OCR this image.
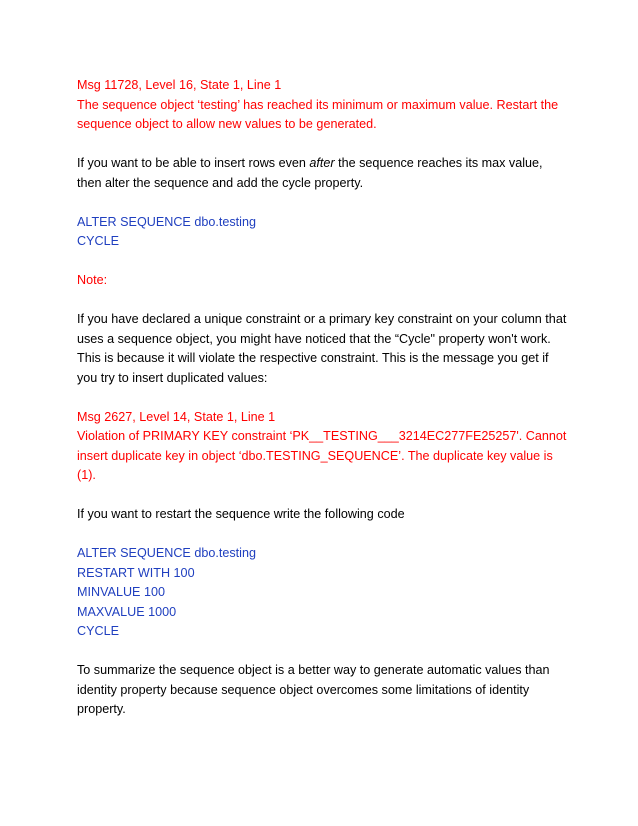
Msg 11728, Level 16, State 1, Line 1
The sequence object ‘testing’ has reached its minimum or maximum value. Restart the
sequence object to allow new values to be generated.

If you want to be able to insert rows even after the sequence reaches its max value,
then alter the sequence and add the cycle property.

ALTER SEQUENCE dbo.testing
CYCLE

Note:

If you have declared a unique constraint or a primary key constraint on your column that
uses a sequence object, you might have noticed that the “Cycle" property won't work.
This is because it will violate the respective constraint. This is the message you get if
you try to insert duplicated values:

Msg 2627, Level 14, State 1, Line 1
Violation of PRIMARY KEY constraint ‘PK__TESTING___3214EC277FE25257'. Cannot
insert duplicate key in object ‘dbo.TESTING_SEQUENCE’. The duplicate key value is
(1).

If you want to restart the sequence write the following code

ALTER SEQUENCE dbo.testing
RESTART WITH 100
MINVALUE 100
MAXVALUE 1000
CYCLE

To summarize the sequence object is a better way to generate automatic values than
identity property because sequence object overcomes some limitations of identity
property.
